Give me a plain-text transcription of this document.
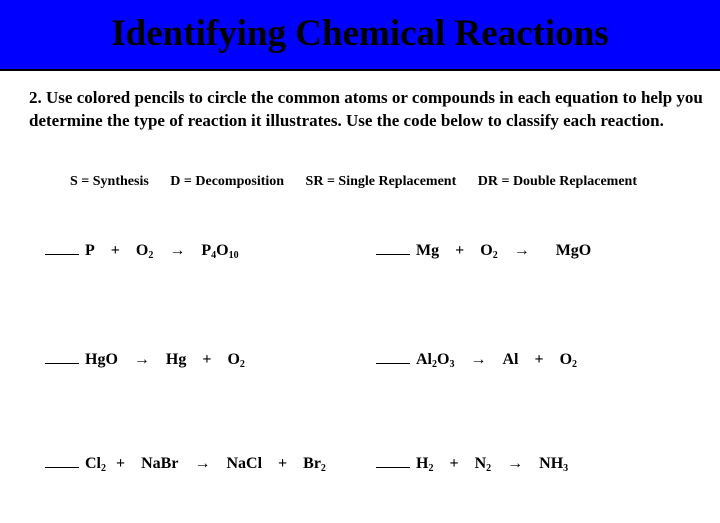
Identifying Chemical Reactions
2. Use colored pencils to circle the common atoms or compounds in each equation to help you determine the type of reaction it illustrates. Use the code below to classify each reaction.
S = Synthesis D = Decomposition SR = Single Replacement DR = Double Replacement
$P + O_2 \to P_4O_{10}$	$Mg + O_2$ → MgO
HgO → $Hg + O_2$	$Al_2O_3 \to Al + O_2$
$Cl_2$ + NaBr → NaCl + $Br_2$	$H_2 + N_2 \to NH_3$
